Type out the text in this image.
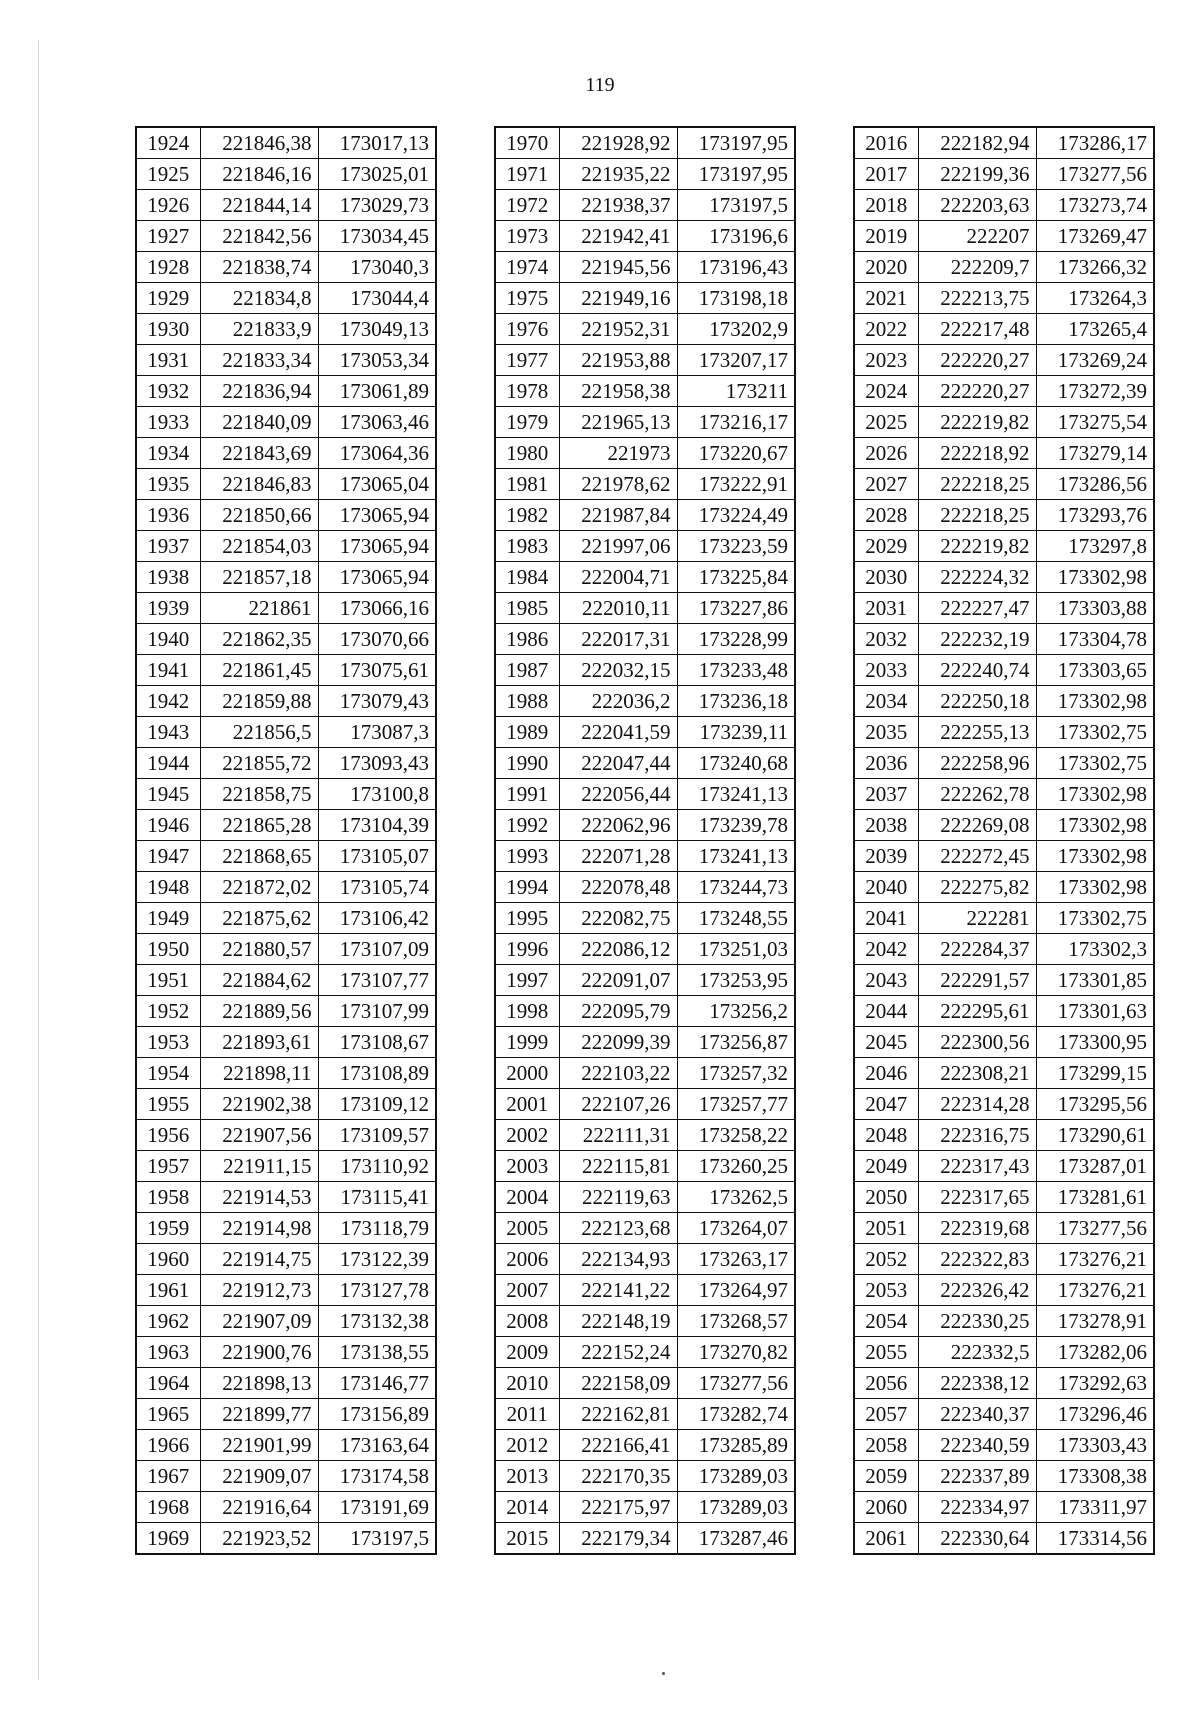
119
1924	221846,38	173017,13
1925	221846,16	173025,01
1926	221844,14	173029,73
1927	221842,56	173034,45
1928	221838,74	173040,3
1929	221834,8	173044,4
1930	221833,9	173049,13
1931	221833,34	173053,34
1932	221836,94	173061,89
1933	221840,09	173063,46
1934	221843,69	173064,36
1935	221846,83	173065,04
1936	221850,66	173065,94
1937	221854,03	173065,94
1938	221857,18	173065,94
1939	221861	173066,16
1940	221862,35	173070,66
1941	221861,45	173075,61
1942	221859,88	173079,43
1943	221856,5	173087,3
1944	221855,72	173093,43
1945	221858,75	173100,8
1946	221865,28	173104,39
1947	221868,65	173105,07
1948	221872,02	173105,74
1949	221875,62	173106,42
1950	221880,57	173107,09
1951	221884,62	173107,77
1952	221889,56	173107,99
1953	221893,61	173108,67
1954	221898,11	173108,89
1955	221902,38	173109,12
1956	221907,56	173109,57
1957	221911,15	173110,92
1958	221914,53	173115,41
1959	221914,98	173118,79
1960	221914,75	173122,39
1961	221912,73	173127,78
1962	221907,09	173132,38
1963	221900,76	173138,55
1964	221898,13	173146,77
1965	221899,77	173156,89
1966	221901,99	173163,64
1967	221909,07	173174,58
1968	221916,64	173191,69
1969	221923,52	173197,5
1970	221928,92	173197,95
1971	221935,22	173197,95
1972	221938,37	173197,5
1973	221942,41	173196,6
1974	221945,56	173196,43
1975	221949,16	173198,18
1976	221952,31	173202,9
1977	221953,88	173207,17
1978	221958,38	173211
1979	221965,13	173216,17
1980	221973	173220,67
1981	221978,62	173222,91
1982	221987,84	173224,49
1983	221997,06	173223,59
1984	222004,71	173225,84
1985	222010,11	173227,86
1986	222017,31	173228,99
1987	222032,15	173233,48
1988	222036,2	173236,18
1989	222041,59	173239,11
1990	222047,44	173240,68
1991	222056,44	173241,13
1992	222062,96	173239,78
1993	222071,28	173241,13
1994	222078,48	173244,73
1995	222082,75	173248,55
1996	222086,12	173251,03
1997	222091,07	173253,95
1998	222095,79	173256,2
1999	222099,39	173256,87
2000	222103,22	173257,32
2001	222107,26	173257,77
2002	222111,31	173258,22
2003	222115,81	173260,25
2004	222119,63	173262,5
2005	222123,68	173264,07
2006	222134,93	173263,17
2007	222141,22	173264,97
2008	222148,19	173268,57
2009	222152,24	173270,82
2010	222158,09	173277,56
2011	222162,81	173282,74
2012	222166,41	173285,89
2013	222170,35	173289,03
2014	222175,97	173289,03
2015	222179,34	173287,46
2016	222182,94	173286,17
2017	222199,36	173277,56
2018	222203,63	173273,74
2019	222207	173269,47
2020	222209,7	173266,32
2021	222213,75	173264,3
2022	222217,48	173265,4
2023	222220,27	173269,24
2024	222220,27	173272,39
2025	222219,82	173275,54
2026	222218,92	173279,14
2027	222218,25	173286,56
2028	222218,25	173293,76
2029	222219,82	173297,8
2030	222224,32	173302,98
2031	222227,47	173303,88
2032	222232,19	173304,78
2033	222240,74	173303,65
2034	222250,18	173302,98
2035	222255,13	173302,75
2036	222258,96	173302,75
2037	222262,78	173302,98
2038	222269,08	173302,98
2039	222272,45	173302,98
2040	222275,82	173302,98
2041	222281	173302,75
2042	222284,37	173302,3
2043	222291,57	173301,85
2044	222295,61	173301,63
2045	222300,56	173300,95
2046	222308,21	173299,15
2047	222314,28	173295,56
2048	222316,75	173290,61
2049	222317,43	173287,01
2050	222317,65	173281,61
2051	222319,68	173277,56
2052	222322,83	173276,21
2053	222326,42	173276,21
2054	222330,25	173278,91
2055	222332,5	173282,06
2056	222338,12	173292,63
2057	222340,37	173296,46
2058	222340,59	173303,43
2059	222337,89	173308,38
2060	222334,97	173311,97
2061	222330,64	173314,56
